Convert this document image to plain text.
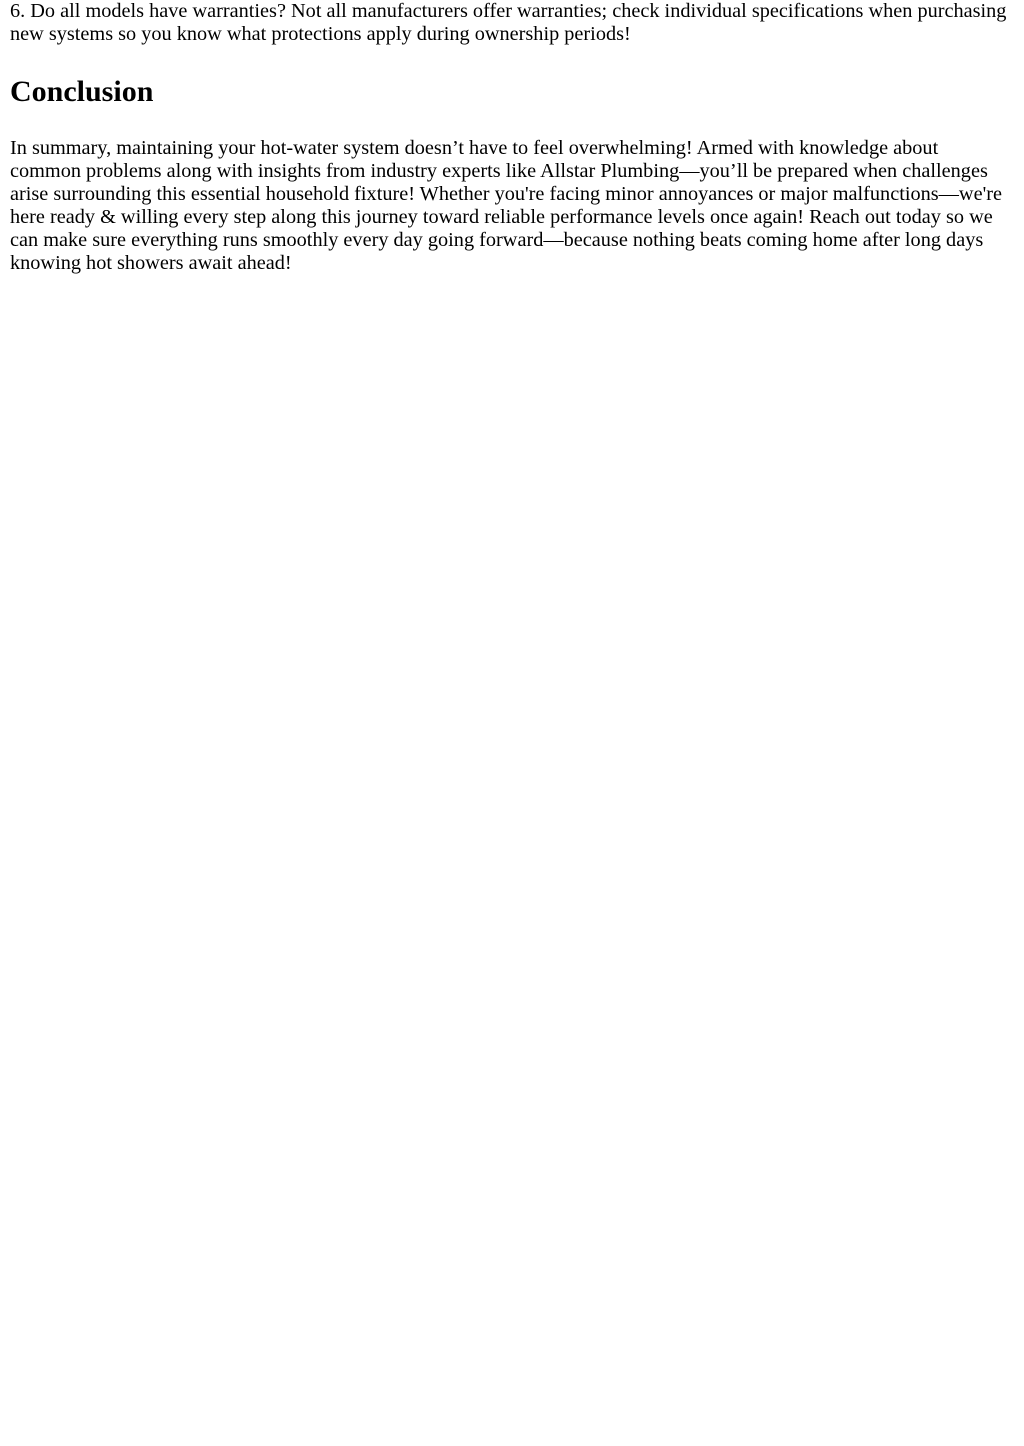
6. Do all models have warranties? Not all manufacturers offer warranties; check individual specifications when purchasing new systems so you know what protections apply during ownership periods!

Conclusion

In summary, maintaining your hot-water system doesn’t have to feel overwhelming! Armed with knowledge about common problems along with insights from industry experts like Allstar Plumbing—you’ll be prepared when challenges arise surrounding this essential household fixture! Whether you're facing minor annoyances or major malfunctions—we're here ready & willing every step along this journey toward reliable performance levels once again! Reach out today so we can make sure everything runs smoothly every day going forward—because nothing beats coming home after long days knowing hot showers await ahead!
